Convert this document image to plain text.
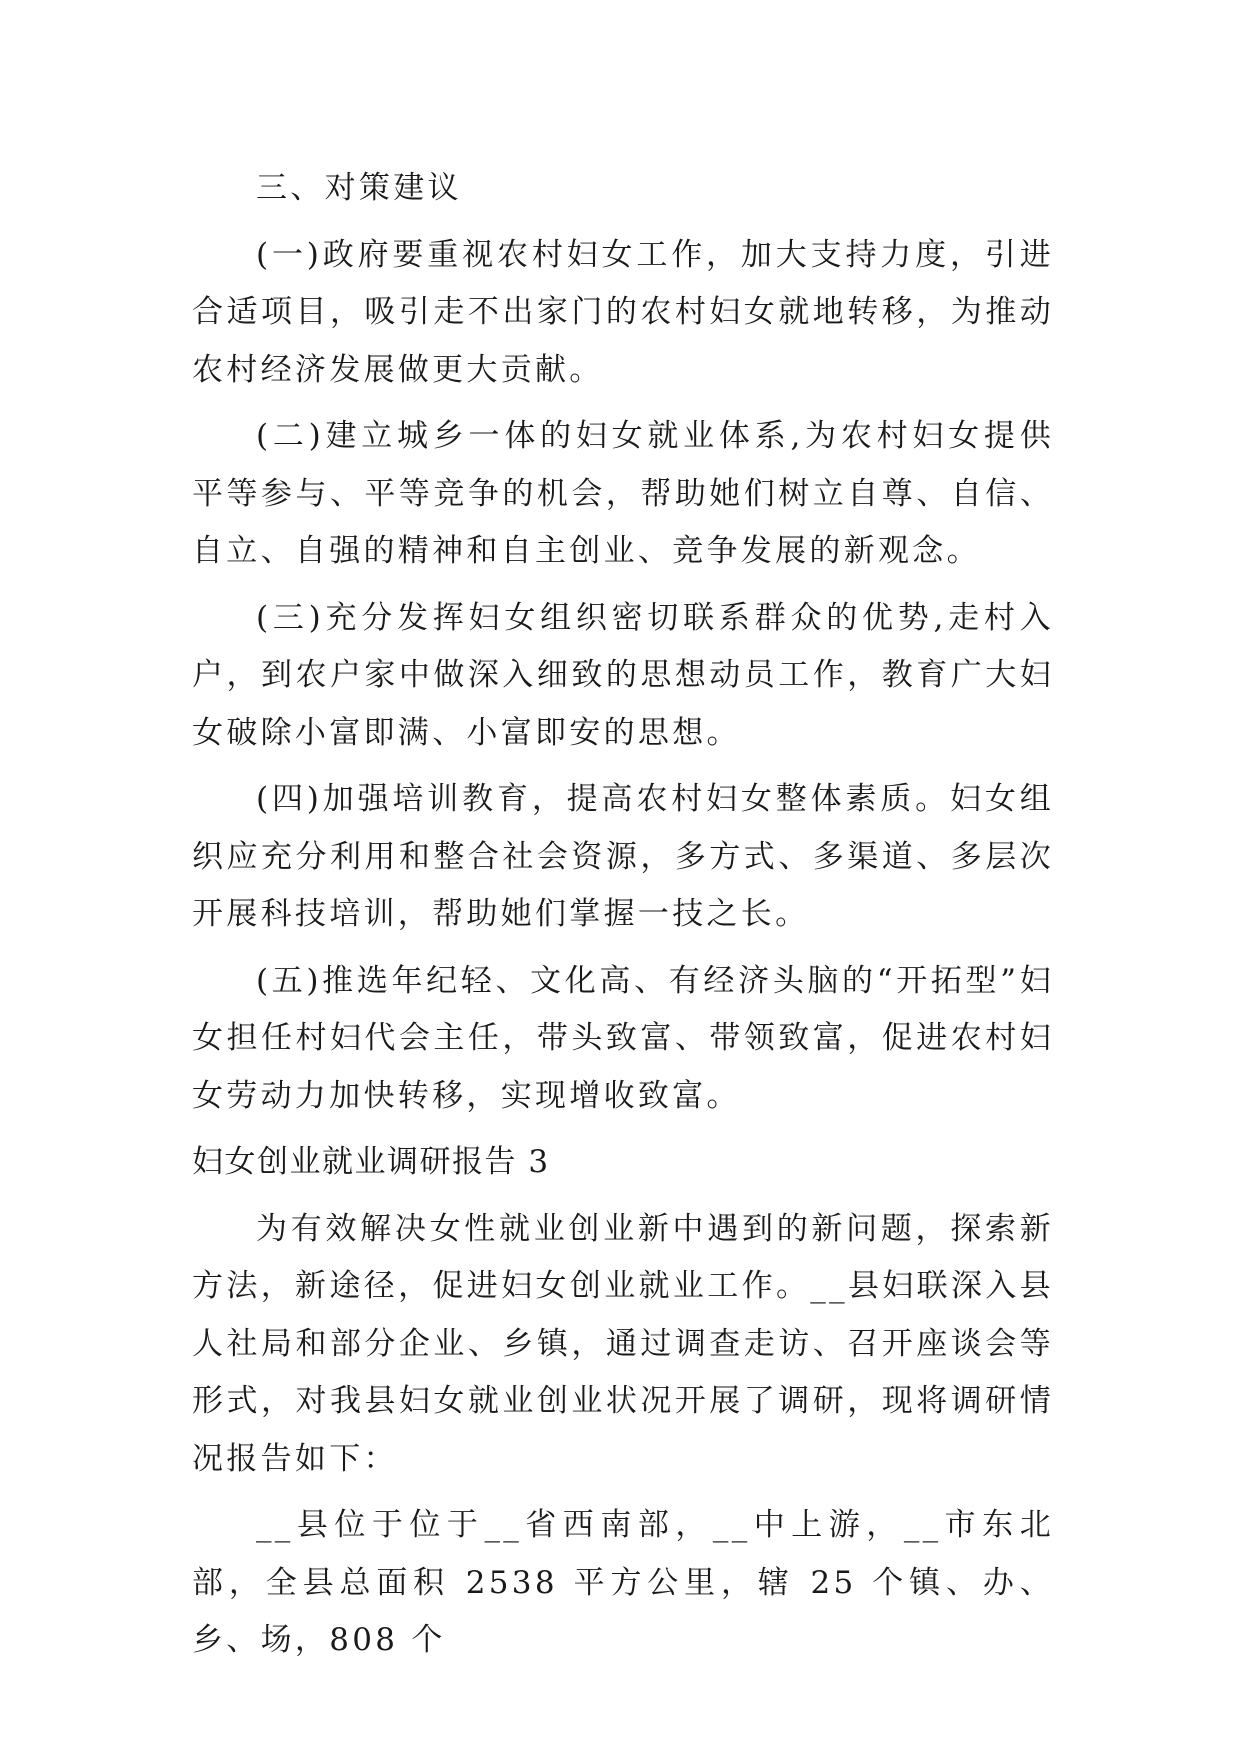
三、对策建议

(一)政府要重视农村妇女工作，加大支持力度，引进合适项目，吸引走不出家门的农村妇女就地转移，为推动农村经济发展做更大贡献。

(二)建立城乡一体的妇女就业体系,为农村妇女提供平等参与、平等竞争的机会，帮助她们树立自尊、自信、自立、自强的精神和自主创业、竞争发展的新观念。

(三)充分发挥妇女组织密切联系群众的优势,走村入户，到农户家中做深入细致的思想动员工作，教育广大妇女破除小富即满、小富即安的思想。

(四)加强培训教育，提高农村妇女整体素质。妇女组织应充分利用和整合社会资源，多方式、多渠道、多层次开展科技培训，帮助她们掌握一技之长。

(五)推选年纪轻、文化高、有经济头脑的“开拓型”妇女担任村妇代会主任，带头致富、带领致富，促进农村妇女劳动力加快转移，实现增收致富。

妇女创业就业调研报告 3

为有效解决女性就业创业新中遇到的新问题，探索新方法，新途径，促进妇女创业就业工作。__县妇联深入县人社局和部分企业、乡镇，通过调查走访、召开座谈会等形式，对我县妇女就业创业状况开展了调研，现将调研情况报告如下：

__县位于位于__省西南部，__中上游，__市东北部，全县总面积 2538 平方公里，辖 25 个镇、办、乡、场，808 个
